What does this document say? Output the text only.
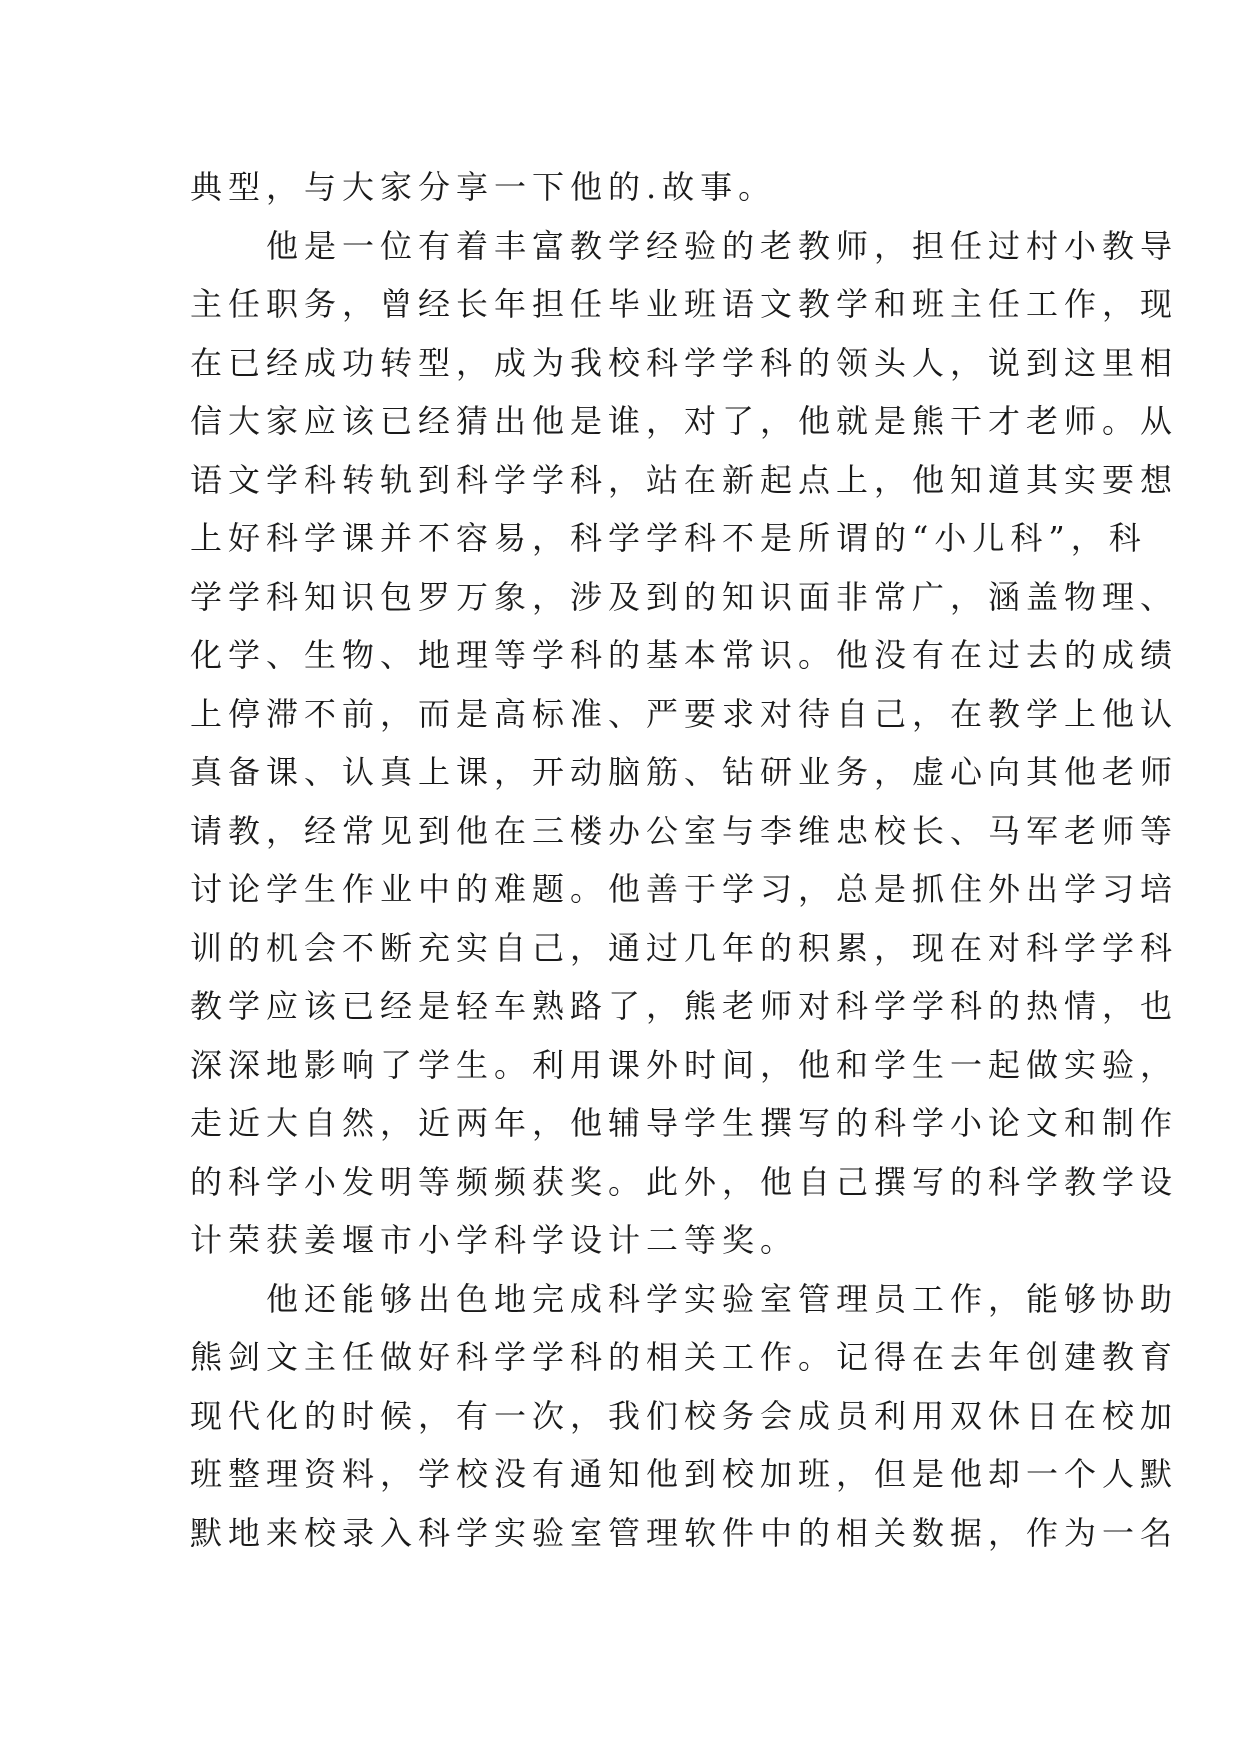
典型，与大家分享一下他的.故事。
他是一位有着丰富教学经验的老教师，担任过村小教导
主任职务，曾经长年担任毕业班语文教学和班主任工作，现
在已经成功转型，成为我校科学学科的领头人，说到这里相
信大家应该已经猜出他是谁，对了，他就是熊干才老师。从
语文学科转轨到科学学科，站在新起点上，他知道其实要想
上好科学课并不容易，科学学科不是所谓的“小儿科”，科
学学科知识包罗万象，涉及到的知识面非常广，涵盖物理、
化学、生物、地理等学科的基本常识。他没有在过去的成绩
上停滞不前，而是高标准、严要求对待自己，在教学上他认
真备课、认真上课，开动脑筋、钻研业务，虚心向其他老师
请教，经常见到他在三楼办公室与李维忠校长、马军老师等
讨论学生作业中的难题。他善于学习，总是抓住外出学习培
训的机会不断充实自己，通过几年的积累，现在对科学学科
教学应该已经是轻车熟路了，熊老师对科学学科的热情，也
深深地影响了学生。利用课外时间，他和学生一起做实验，
走近大自然，近两年，他辅导学生撰写的科学小论文和制作
的科学小发明等频频获奖。此外，他自己撰写的科学教学设
计荣获姜堰市小学科学设计二等奖。
他还能够出色地完成科学实验室管理员工作，能够协助
熊剑文主任做好科学学科的相关工作。记得在去年创建教育
现代化的时候，有一次，我们校务会成员利用双休日在校加
班整理资料，学校没有通知他到校加班，但是他却一个人默
默地来校录入科学实验室管理软件中的相关数据，作为一名
